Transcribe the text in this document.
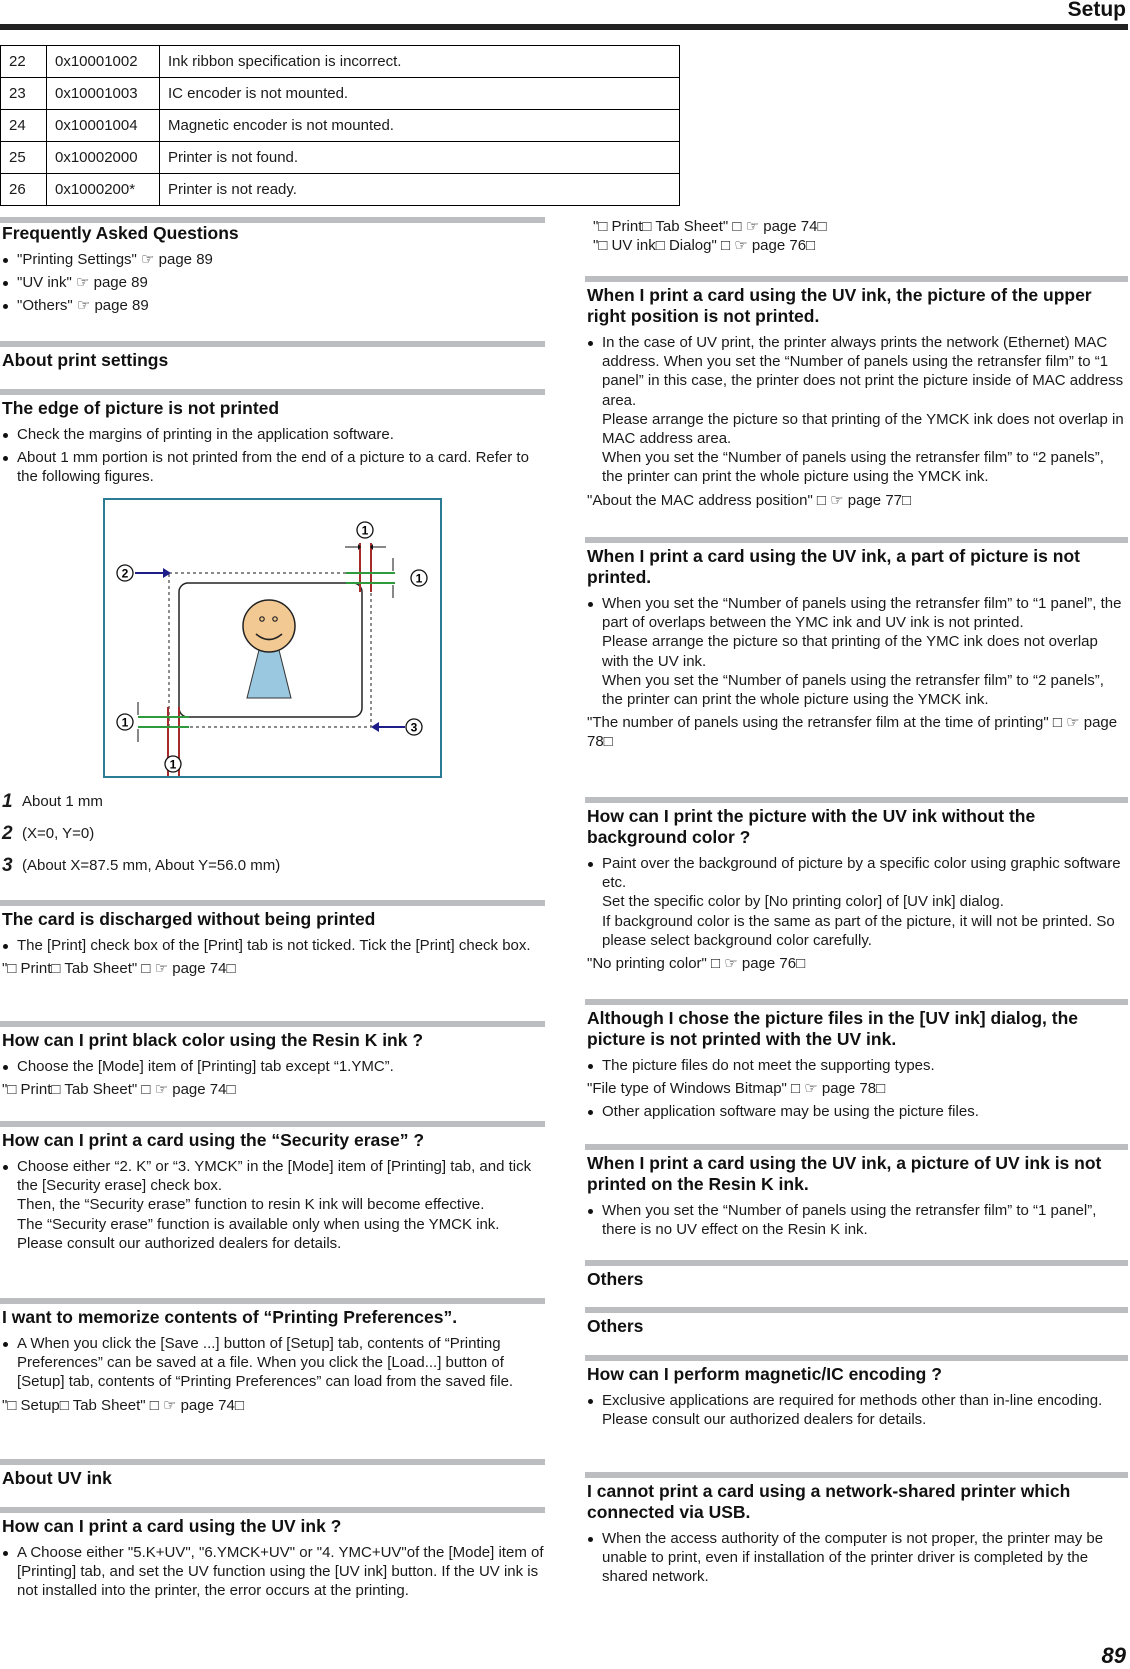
Setup
22	0x10001002	Ink ribbon specification is incorrect.
23	0x10001003	IC encoder is not mounted.
24	0x10001004	Magnetic encoder is not mounted.
25	0x10002000	Printer is not found.
26	0x1000200*	Printer is not ready.
Frequently Asked Questions
"Printing Settings" ☞ page 89
"UV ink" ☞ page 89
"Others" ☞ page 89
About print settings
The edge of picture is not printed
Check the margins of printing in the application software.
About 1 mm portion is not printed from the end of a picture to a card. Refer to the following figures.
1 About 1 mm
2 (X=0, Y=0)
3 (About X=87.5 mm, About Y=56.0 mm)
The card is discharged without being printed
The [Print] check box of the [Print] tab is not ticked. Tick the [Print] check box.
"□ Print□ Tab Sheet" □ ☞ page 74□
How can I print black color using the Resin K ink ?
Choose the [Mode] item of [Printing] tab except “1.YMC”.
"□ Print□ Tab Sheet" □ ☞ page 74□
How can I print a card using the “Security erase” ?
Choose either “2. K” or “3. YMCK” in the [Mode] item of [Printing] tab, and tick the [Security erase] check box.
Then, the “Security erase” function to resin K ink will become effective.
The “Security erase” function is available only when using the YMCK ink.
Please consult our authorized dealers for details.
I want to memorize contents of “Printing Preferences”.
A When you click the [Save ...] button of [Setup] tab, contents of “Printing Preferences” can be saved at a file. When you click the [Load...] button of [Setup] tab, contents of “Printing Preferences” can load from the saved file.
"□ Setup□ Tab Sheet" □ ☞ page 74□
About UV ink
How can I print a card using the UV ink ?
A Choose either "5.K+UV", "6.YMCK+UV" or "4. YMC+UV"of the [Mode] item of [Printing] tab, and set the UV function using the [UV ink] button. If the UV ink is not installed into the printer, the error occurs at the printing.
1
2	1
1	3
1
"□ Print□ Tab Sheet" □ ☞ page 74□
"□ UV ink□ Dialog" □ ☞ page 76□
When I print a card using the UV ink, the picture of the upper right position is not printed.
In the case of UV print, the printer always prints the network (Ethernet) MAC address. When you set the “Number of panels using the retransfer film” to “1 panel” in this case, the printer does not print the picture inside of MAC address area.
Please arrange the picture so that printing of the YMCK ink does not overlap in MAC address area.
When you set the “Number of panels using the retransfer film” to “2 panels”, the printer can print the whole picture using the YMCK ink.
"About the MAC address position" □ ☞ page 77□
When I print a card using the UV ink, a part of picture is not printed.
When you set the “Number of panels using the retransfer film” to “1 panel”, the part of overlaps between the YMC ink and UV ink is not printed.
Please arrange the picture so that printing of the YMC ink does not overlap with the UV ink.
When you set the “Number of panels using the retransfer film” to “2 panels”, the printer can print the whole picture using the YMCK ink.
"The number of panels using the retransfer film at the time of printing" □ ☞ page 78□
How can I print the picture with the UV ink without the background color ?
Paint over the background of picture by a specific color using graphic software etc.
Set the specific color by [No printing color] of [UV ink] dialog.
If background color is the same as part of the picture, it will not be printed. So please select background color carefully.
"No printing color" □ ☞ page 76□
Although I chose the picture files in the [UV ink] dialog, the picture is not printed with the UV ink.
The picture files do not meet the supporting types.
"File type of Windows Bitmap" □ ☞ page 78□
Other application software may be using the picture files.
When I print a card using the UV ink, a picture of UV ink is not printed on the Resin K ink.
When you set the “Number of panels using the retransfer film” to “1 panel”, there is no UV effect on the Resin K ink.
Others
Others
How can I perform magnetic/IC encoding ?
Exclusive applications are required for methods other than in-line encoding.
Please consult our authorized dealers for details.
I cannot print a card using a network-shared printer which connected via USB.
When the access authority of the computer is not proper, the printer may be unable to print, even if installation of the printer driver is completed by the shared network.
89
